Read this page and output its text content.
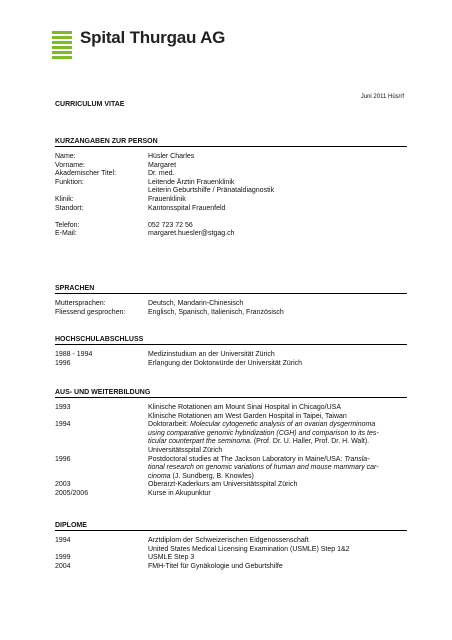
Spital Thurgau AG
Juni 2011 Hüs/rf
CURRICULUM VITAE
KURZANGABEN ZUR PERSON
Name:	Hüsler Charles
Vorname:	Margaret
Akademischer Titel:	Dr. med.
Funktion:	Leitende Ärztin Frauenklinik
Leiterin Geburtshilfe / Pränataldiagnostik
Klinik:	Frauenklinik
Standort:	Kantonsspital Frauenfeld
Telefon:	052 723 72 56
E-Mail:	margaret.huesler@stgag.ch
SPRACHEN
Muttersprachen:	Deutsch, Mandarin-Chinesisch
Fliessend gesprochen:	Englisch, Spanisch, Italienisch, Französisch
HOCHSCHULABSCHLUSS
1988 - 1994	Medizinstudium an der Universität Zürich
1996	Erlangung der Doktorwürde der Universität Zürich
AUS- UND WEITERBILDUNG
1993	Klinische Rotationen am Mount Sinai Hospital in Chicago/USA
Klinische Rotationen am West Garden Hospital in Taipei, Taiwan
1994	Doktorarbeit: Molecular cytogenetic analysis of an ovarian dysgerminoma
using comparative genomic hybridization (CGH) and comparison to its tes-
ticular counterpart the seminoma. (Prof. Dr. U. Haller, Prof. Dr. H. Walt).
Universitätsspital Zürich
1996	Postdoctoral studies at The Jackson Laboratory in Maine/USA: Transla-
tional research on genomic variations of human and mouse mammary car-
cinoma (J. Sundberg, B. Knowles)
2003	Oberarzt-Kaderkurs am Universitätsspital Zürich
2005/2006	Kurse in Akupunktur
DIPLOME
1994	Arztdiplom der Schweizerischen Eidgenossenschaft
United States Medical Licensing Examination (USMLE) Step 1&2
1999	USMLE Step 3
2004	FMH-Titel für Gynäkologie und Geburtshilfe
